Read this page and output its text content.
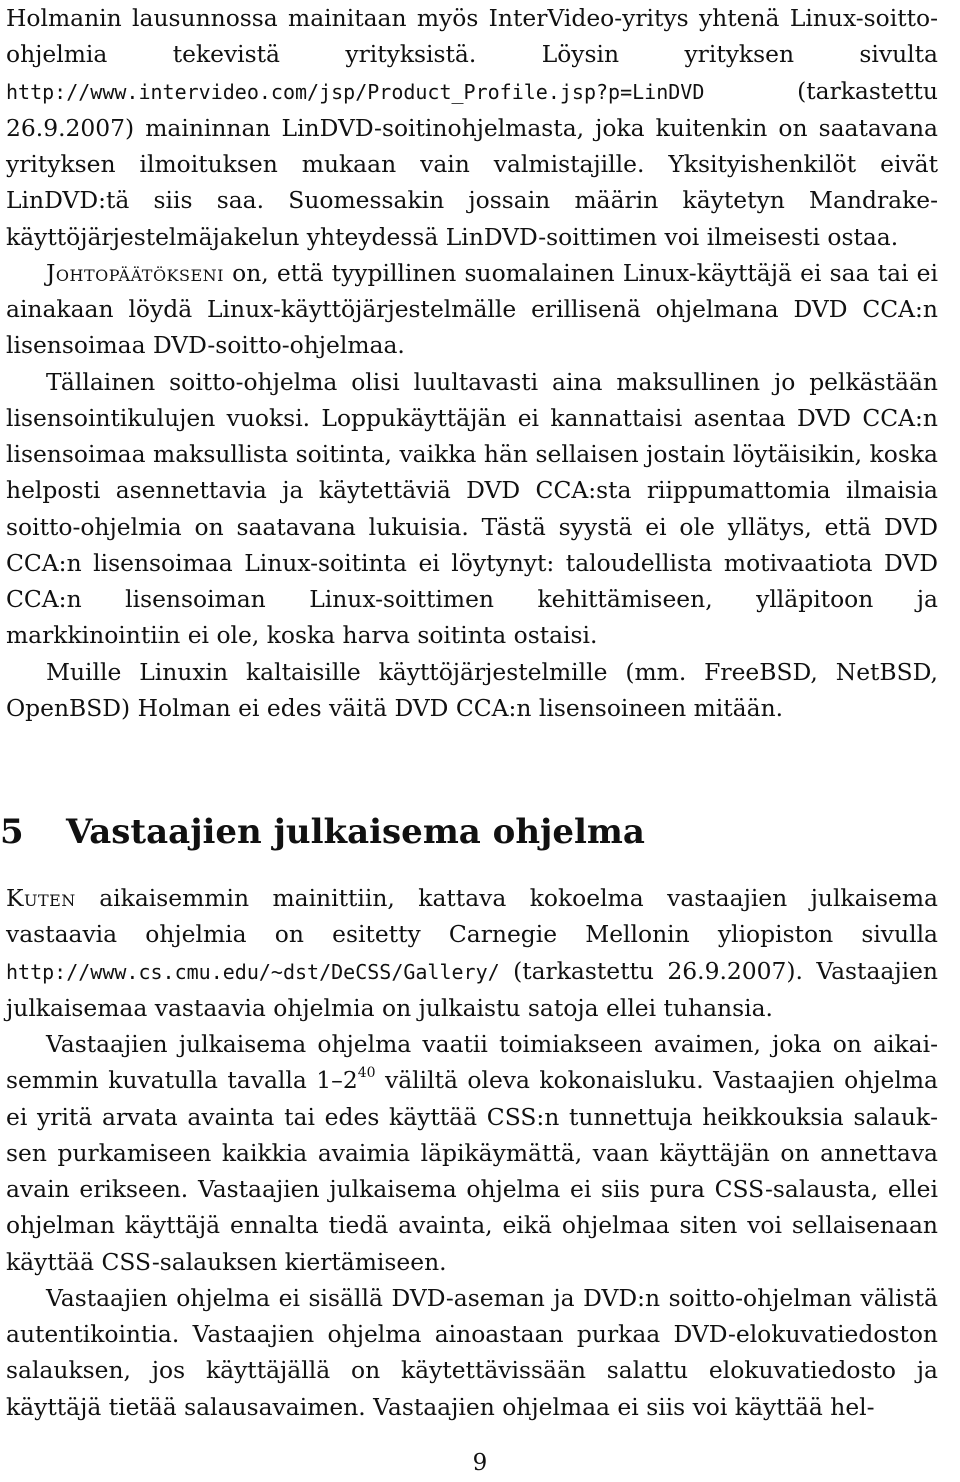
Holmanin lausunnossa mainitaan myös InterVideo-yritys yhtenä Linux-soitto-ohjelmia tekevistä yrityksistä. Löysin yrityksen sivulta http://www.intervideo.com/jsp/Product_Profile.jsp?p=LinDVD (tarkastettu 26.9.2007) maininnan LinDVD-soitinohjelmasta, joka kuitenkin on saatavana yrityksen ilmoituksen mukaan vain valmistajille. Yksityishenkilöt eivät LinDVD:tä siis saa. Suomessakin jossain määrin käytetyn Mandrake-käyttöjärjestelmäjakelun yhteydessä LinDVD-soittimen voi ilmeisesti ostaa.

Johtopäätökseni on, että tyypillinen suomalainen Linux-käyttäjä ei saa tai ei ainakaan löydä Linux-käyttöjärjestelmälle erillisenä ohjelmana DVD CCA:n lisensoimaa DVD-soitto-ohjelmaa.

Tällainen soitto-ohjelma olisi luultavasti aina maksullinen jo pelkästään lisensointikulujen vuoksi. Loppukäyttäjän ei kannattaisi asentaa DVD CCA:n lisensoimaa maksullista soitinta, vaikka hän sellaisen jostain löytäisikin, koska helposti asennettavia ja käytettäviä DVD CCA:sta riippumattomia ilmaisia soitto-ohjelmia on saatavana lukuisia. Tästä syystä ei ole yllätys, että DVD CCA:n lisensoimaa Linux-soitinta ei löytynyt: taloudellista motivaatiota DVD CCA:n lisensoiman Linux-soittimen kehittämiseen, ylläpitoon ja markkinointiin ei ole, koska harva soitinta ostaisi.

Muille Linuxin kaltaisille käyttöjärjestelmille (mm. FreeBSD, NetBSD, OpenBSD) Holman ei edes väitä DVD CCA:n lisensoineen mitään.

5 Vastaajien julkaisema ohjelma

Kuten aikaisemmin mainittiin, kattava kokoelma vastaajien julkaisema vastaavia ohjelmia on esitetty Carnegie Mellonin yliopiston sivulla http://www.cs.cmu.edu/~dst/DeCSS/Gallery/ (tarkastettu 26.9.2007). Vastaajien julkaisemaa vastaavia ohjelmia on julkaistu satoja ellei tuhansia.

Vastaajien julkaisema ohjelma vaatii toimiakseen avaimen, joka on aikaisemmin kuvatulla tavalla $1-2^{40}$ väliltä oleva kokonaisluku. Vastaajien ohjelma ei yritä arvata avainta tai edes käyttää CSS:n tunnettuja heikkouksia salauksen purkamiseen kaikkia avaimia läpikäymättä, vaan käyttäjän on annettava avain erikseen. Vastaajien julkaisema ohjelma ei siis pura CSS-salausta, ellei ohjelman käyttäjä ennalta tiedä avainta, eikä ohjelmaa siten voi sellaisenaan käyttää CSS-salauksen kiertämiseen.

Vastaajien ohjelma ei sisällä DVD-aseman ja DVD:n soitto-ohjelman välistä autentikointia. Vastaajien ohjelma ainoastaan purkaa DVD-elokuvatiedoston salauksen, jos käyttäjällä on käytettävissään salattu elokuvatiedosto ja käyttäjä tietää salausavaimen. Vastaajien ohjelmaa ei siis voi käyttää hel-

9
